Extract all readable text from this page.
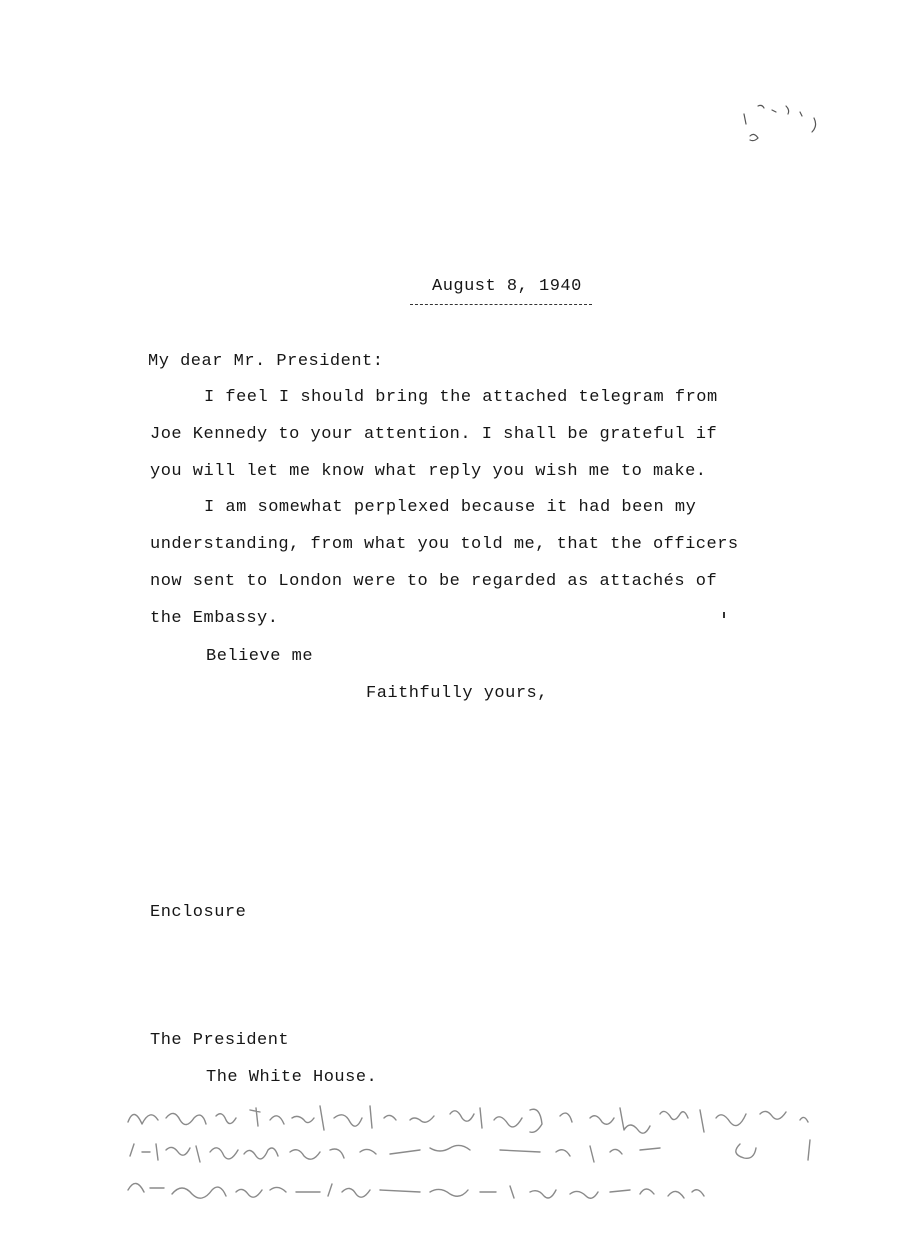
August 8, 1940
My dear Mr. President:
I feel I should bring the attached telegram from
Joe Kennedy to your attention. I shall be grateful if
you will let me know what reply you wish me to make.
I am somewhat perplexed because it had been my
understanding, from what you told me, that the officers
now sent to London were to be regarded as attachés of
the Embassy.
Believe me
Faithfully yours,
Enclosure
The President
The White House.
